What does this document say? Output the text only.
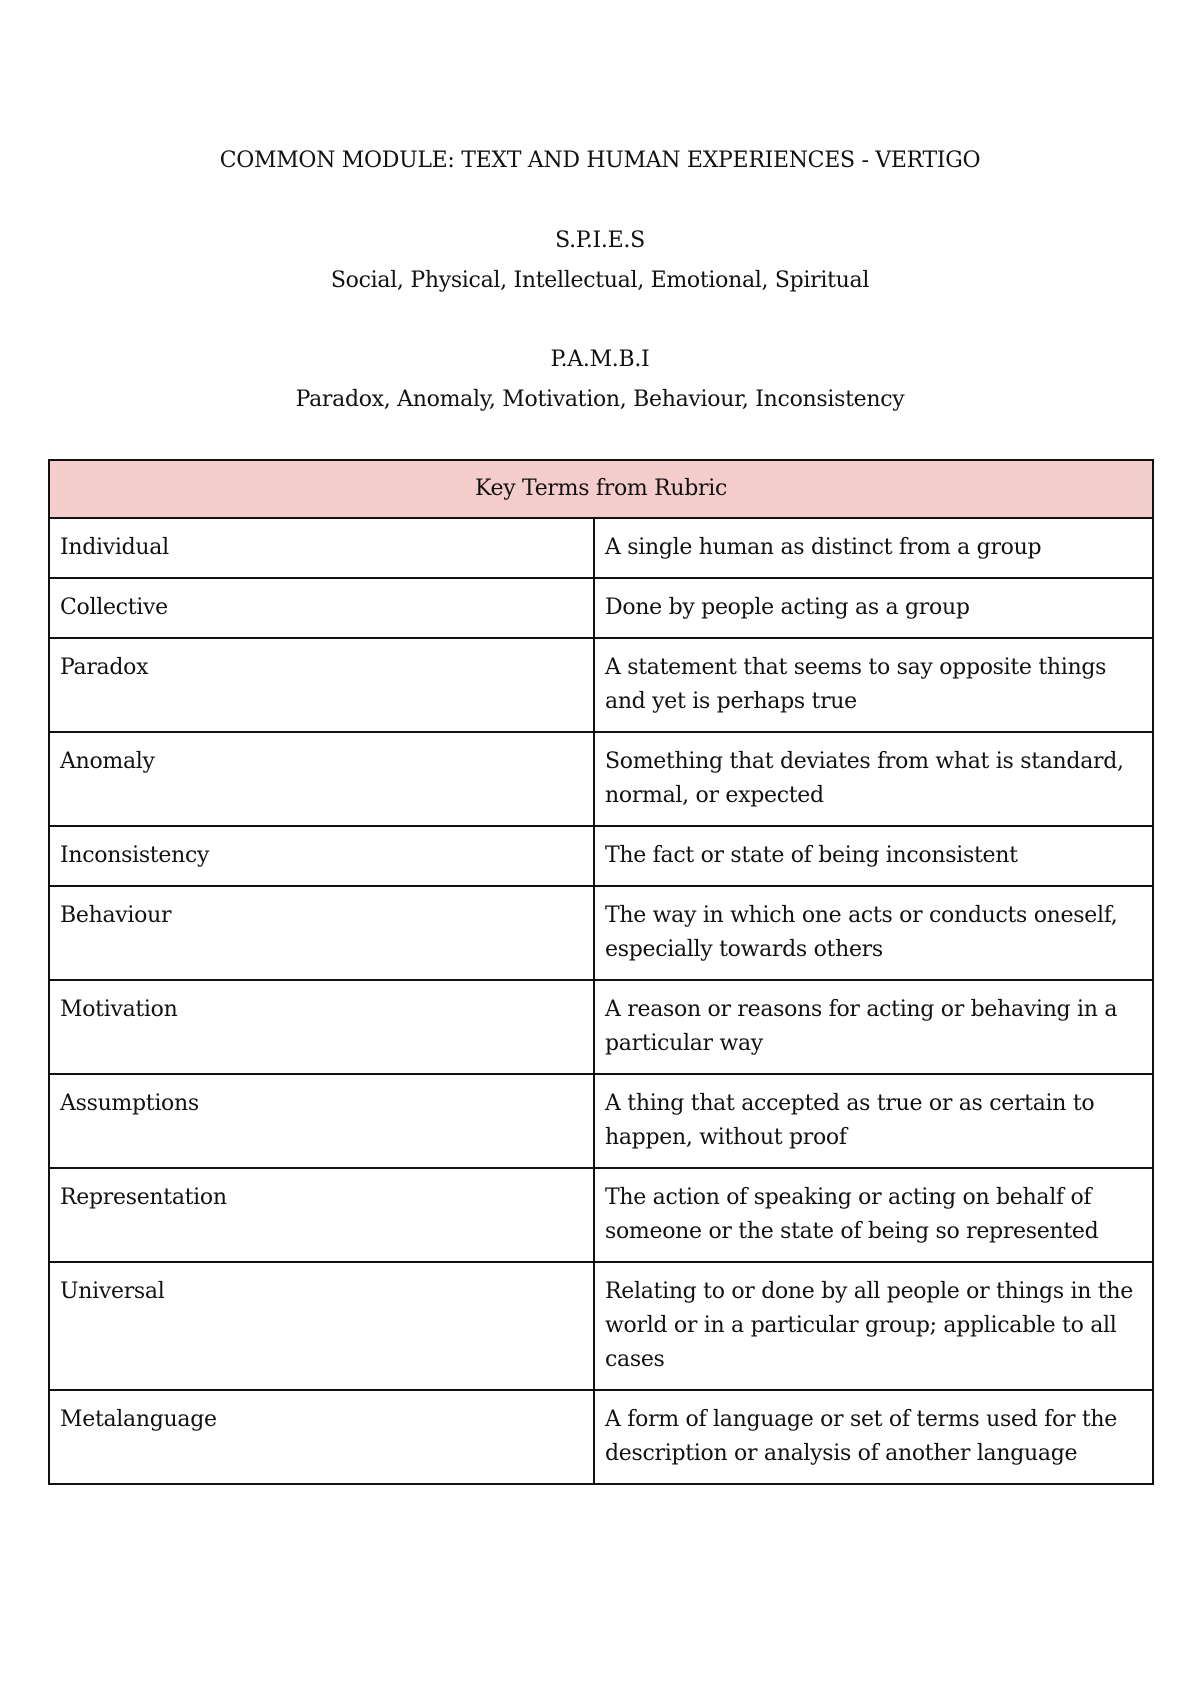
COMMON MODULE: TEXT AND HUMAN EXPERIENCES - VERTIGO
S.P.I.E.S
Social, Physical, Intellectual, Emotional, Spiritual
P.A.M.B.I
Paradox, Anomaly, Motivation, Behaviour, Inconsistency
Key Terms from Rubric	
Individual	A single human as distinct from a group
Collective	Done by people acting as a group
Paradox	A statement that seems to say opposite things and yet is perhaps true
Anomaly	Something that deviates from what is standard, normal, or expected
Inconsistency	The fact or state of being inconsistent
Behaviour	The way in which one acts or conducts oneself, especially towards others
Motivation	A reason or reasons for acting or behaving in a particular way
Assumptions	A thing that accepted as true or as certain to happen, without proof
Representation	The action of speaking or acting on behalf of someone or the state of being so represented
Universal	Relating to or done by all people or things in the world or in a particular group; applicable to all cases
Metalanguage	A form of language or set of terms used for the description or analysis of another language
